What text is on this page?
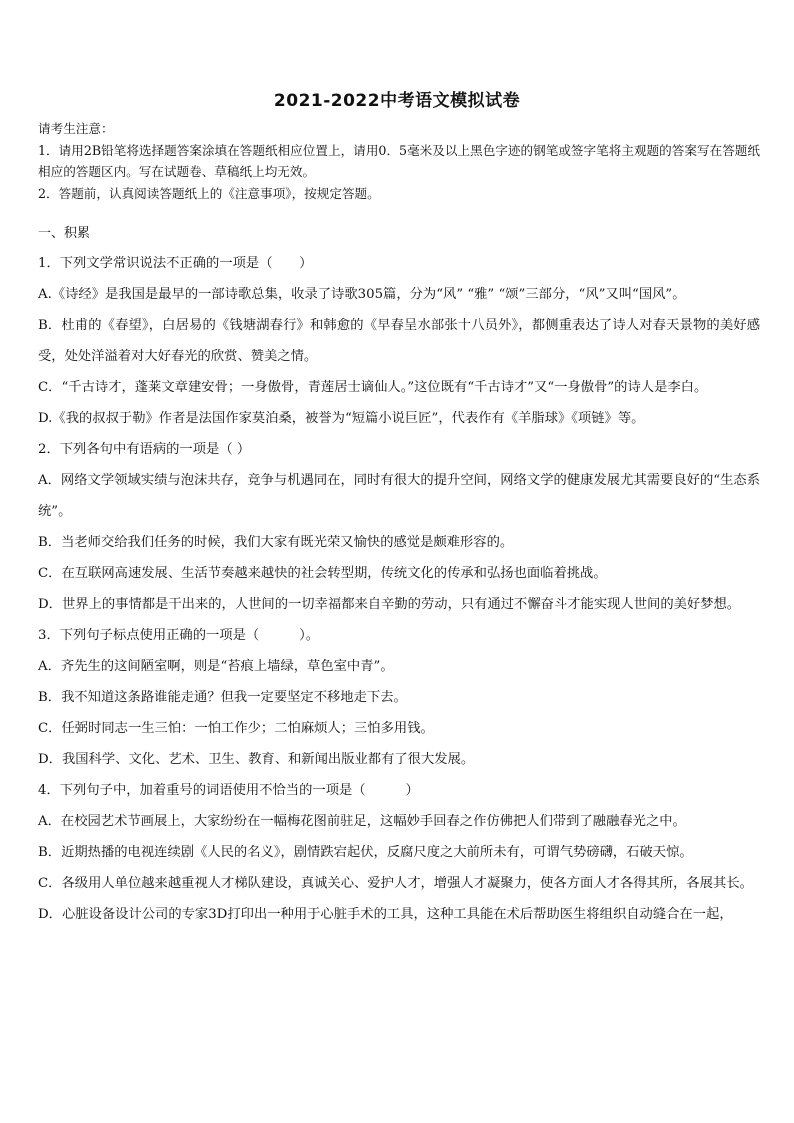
2021-2022中考语文模拟试卷
请考生注意：
1．请用2B铅笔将选择题答案涂填在答题纸相应位置上，请用0．5毫米及以上黑色字迹的钢笔或签字笔将主观题的答案写在答题纸相应的答题区内。写在试题卷、草稿纸上均无效。
2．答题前，认真阅读答题纸上的《注意事项》，按规定答题。
一、积累

1．下列文学常识说法不正确的一项是（　　）

A.《诗经》是我国是最早的一部诗歌总集，收录了诗歌305篇，分为“风” “雅” “颂”三部分，“风”又叫“国风”。

B．杜甫的《春望》，白居易的《钱塘湖春行》和韩愈的《早春呈水部张十八员外》，都侧重表达了诗人对春天景物的美好感受，处处洋溢着对大好春光的欣赏、赞美之情。

C．“千古诗才，蓬莱文章建安骨；一身傲骨，青莲居士谪仙人。”这位既有“千古诗才”又“一身傲骨”的诗人是李白。

D.《我的叔叔于勒》作者是法国作家莫泊桑，被誉为“短篇小说巨匠”，代表作有《羊脂球》《项链》等。

2．下列各句中有语病的一项是（ ）

A．网络文学领域实绩与泡沫共存，竞争与机遇同在，同时有很大的提升空间，网络文学的健康发展尤其需要良好的“生态系统”。

B．当老师交给我们任务的时候，我们大家有既光荣又愉快的感觉是颇难形容的。

C．在互联网高速发展、生活节奏越来越快的社会转型期，传统文化的传承和弘扬也面临着挑战。

D．世界上的事情都是干出来的，人世间的一切幸福都来自辛勤的劳动，只有通过不懈奋斗才能实现人世间的美好梦想。

3．下列句子标点使用正确的一项是（　　　）。

A．齐先生的这间陋室啊，则是“苔痕上墙绿，草色室中青”。

B．我不知道这条路谁能走通？但我一定要坚定不移地走下去。

C．任弼时同志一生三怕：一怕工作少；二怕麻烦人；三怕多用钱。

D．我国科学、文化、艺术、卫生、教育、和新闻出版业都有了很大发展。

4．下列句子中，加着重号的词语使用不恰当的一项是（　　　）

A．在校园艺术节画展上，大家纷纷在一幅梅花图前驻足，这幅妙手回春之作仿佛把人们带到了融融春光之中。

B．近期热播的电视连续剧《人民的名义》，剧情跌宕起伏，反腐尺度之大前所未有，可谓气势磅礴，石破天惊。

C．各级用人单位越来越重视人才梯队建设，真诚关心、爱护人才，增强人才凝聚力，使各方面人才各得其所，各展其长。

D．心脏设备设计公司的专家3D打印出一种用于心脏手术的工具，这种工具能在术后帮助医生将组织自动缝合在一起，
